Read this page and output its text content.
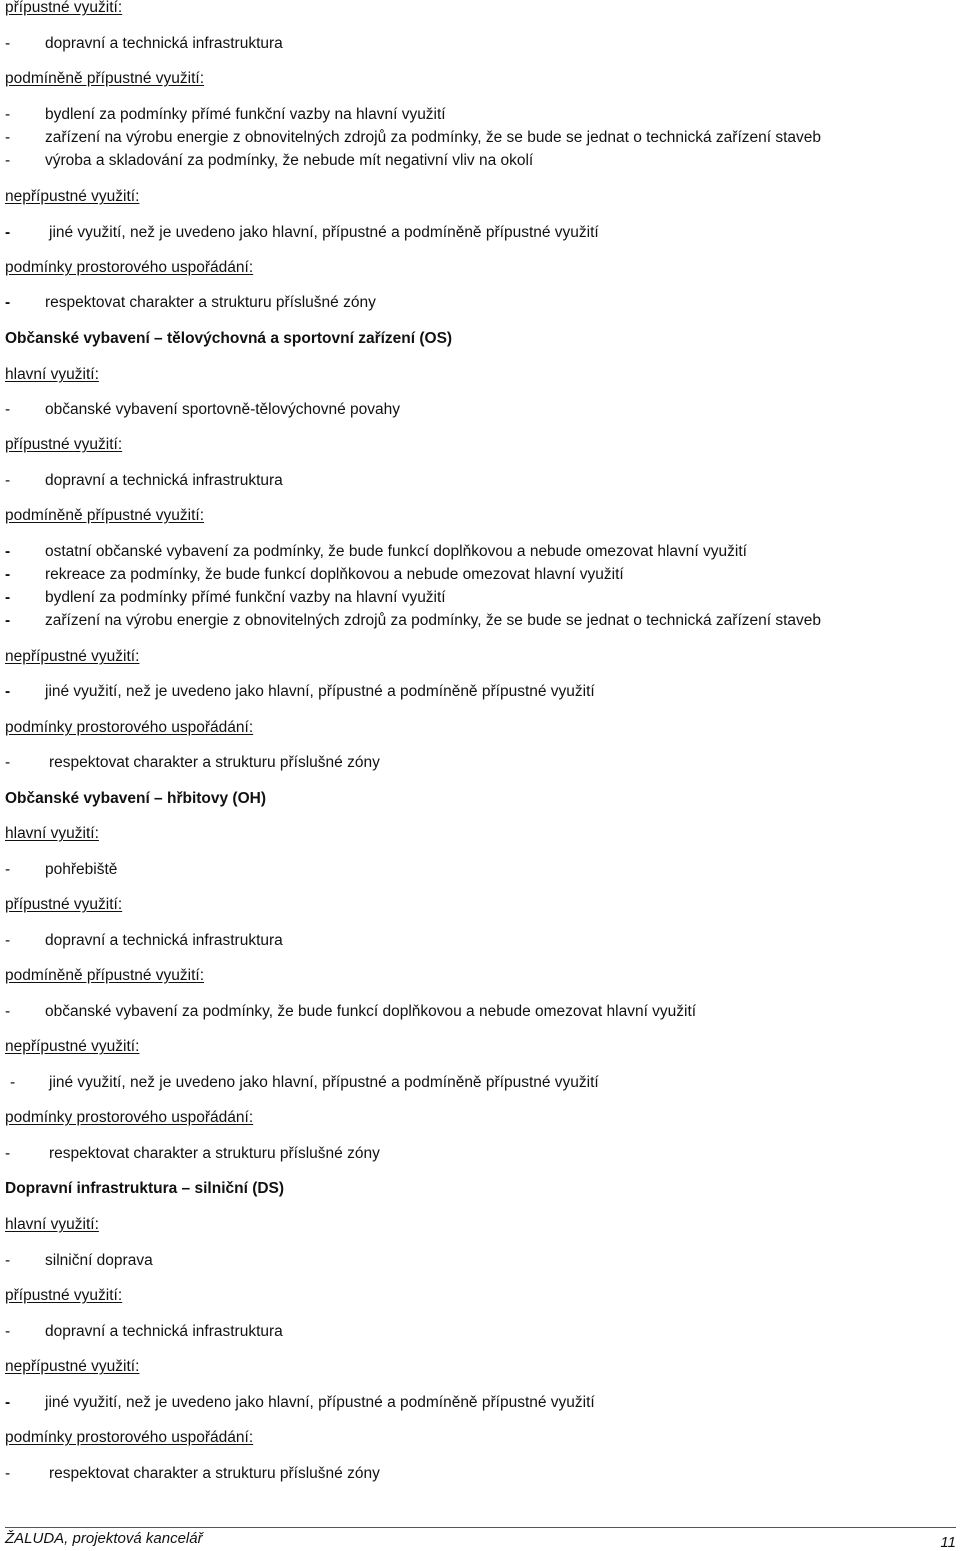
přípustné využití:
- dopravní a technická infrastruktura
podmíněně přípustné využití:
- bydlení za podmínky přímé funkční vazby na hlavní využití
- zařízení na výrobu energie z obnovitelných zdrojů za podmínky, že se bude se jednat o technická zařízení staveb
- výroba a skladování za podmínky, že nebude mít negativní vliv na okolí
nepřípustné využití:
-	jiné využití, než je uvedeno jako hlavní, přípustné a podmíněně přípustné využití
podmínky prostorového uspořádání:
- respektovat charakter a strukturu příslušné zóny
Občanské vybavení – tělovýchovná a sportovní zařízení (OS)
hlavní využití:
- občanské vybavení sportovně-tělovýchovné povahy
přípustné využití:
- dopravní a technická infrastruktura
podmíněně přípustné využití:
- ostatní občanské vybavení za podmínky, že bude funkcí doplňkovou a nebude omezovat hlavní využití
- rekreace za podmínky, že bude funkcí doplňkovou a nebude omezovat hlavní využití
- bydlení za podmínky přímé funkční vazby na hlavní využití
- zařízení na výrobu energie z obnovitelných zdrojů za podmínky, že se bude se jednat o technická zařízení staveb
nepřípustné využití:
- jiné využití, než je uvedeno jako hlavní, přípustné a podmíněně přípustné využití
podmínky prostorového uspořádání:
-	respektovat charakter a strukturu příslušné zóny
Občanské vybavení – hřbitovy (OH)
hlavní využití:
- pohřebiště
přípustné využití:
- dopravní a technická infrastruktura
podmíněně přípustné využití:
- občanské vybavení za podmínky, že bude funkcí doplňkovou a nebude omezovat hlavní využití
nepřípustné využití:
- jiné využití, než je uvedeno jako hlavní, přípustné a podmíněně přípustné využití
podmínky prostorového uspořádání:
-	respektovat charakter a strukturu příslušné zóny
Dopravní infrastruktura – silniční (DS)
hlavní využití:
- silniční doprava
přípustné využití:
- dopravní a technická infrastruktura
nepřípustné využití:
- jiné využití, než je uvedeno jako hlavní, přípustné a podmíněně přípustné využití
podmínky prostorového uspořádání:
-	respektovat charakter a strukturu příslušné zóny
ŽALUDA, projektová kancelář	11
